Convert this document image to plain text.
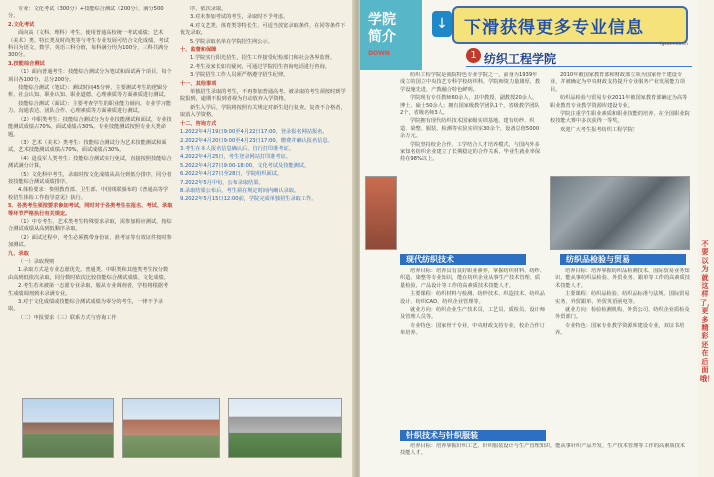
专业：文化考试（300分）+技能综合测试（200分），满分500分。

2.文化考试

面向高（文科、理科）考生，使用普通高校统一考试成绩；艺术（美术）类、特长类及时尚类等与考生专业发展可结合文化成绩，考试科目为语文、数学、英语三科分值，每科满分均为100分，三科共满分300分。

3.技能综合测试

（1）面向普通考生：技能综合测试分为笔试和面试两个项目，每个项目各100分，总分200分。

技能综合测试（笔试）：测试时间45分钟，主要测试考生的逻辑分析、社会认知、职业认知、职业道德、心理素质等方面素质进行测试。

技能综合测试（面试）：主要考查学生的职业能力倾向、专业学习能力、沟通表达、团队合作、心理素质等方面素质进行测试。

（2）中职类考生：技能综合测试分为专业技能测试和面试，专业技能测试成绩占70%，面试成绩占30%。专业技能测试按照专业大类命题。

（3）艺术（美术）类考生：技能综合测试分为艺术技能测试和面试。艺术技能测试成绩占70%，面试成绩占30%。

（4）退役军人类考生：技能综合测试实行免试，直接按照技能综合测试满分计算。

（5）文化科中考生，录取时按文化成绩从高分到低分排序，同分者按技能综合测试成绩排序。

4.体检要求：参照教育部、卫生部、中国残联颁布的《普通高等学校招生体检工作指导意见》执行。

5．各类考生须按要求参加考试，同时对于各类考生在报名、考试、录取等环节严格执行有关规定。

（1）中专考生、艺术类考生特殊要求录取，需参加相应测试，按综合测试成绩从高到低顺序录取。

（2）面试过程中，考生必须携带身份证、准考证等有效证件按时参加测试。

九、录取

（一）录取规则

1.录取方式是专业志愿优先。普通类、中职类和其他类考生按分数由高到低依次录取，同分数时依次比较技能综合测试成绩、文化成绩。

2.考生若未被第一志愿专业录取，服从专业调剂者，学校将根据考生成绩调剂到未录满专业。

3.对于文化成绩或技能综合测试成绩为零分的考生，一律不予录取。

（二）申报要求（三）联系方式与咨询工作

序，依次录取。

3.对未参加考试的考生，录取时不予考虑。

4.对文艺类、体育类等特长生，可适当放宽录取条件，在同等条件下优先录取。

5.学院录取名单在学院招生网公示。

十、监督和保障

1.学院实行阳光招生，招生工作接受纪检部门和社会各界监督。

2.考生及家长如有疑问，可通过学院招生咨询电话进行咨询。

3.学院招生工作人员须严格遵守招生纪律。

十一、其他事项

单独招生录取的考生，不再参加普通高考。被录取的考生须按时到学院报到，逾期不报到者视为自动放弃入学资格。

新生入学后，学院将按照有关规定对新生进行复查。复查不合格者，取消入学资格。

十二、咨询方式

1.2022年4月19日9:00至4月22日17:00，登录报名网站报名。

2.2022年4月20日9:00至4月23日17:00，缴费并确认报名信息。

3.考生在本人报名信息确认后，自行打印准考证。

4.2022年4月25日，考生登录网站打印准考证。

5.2022年4月27日9:00-18:00，文化考试及技能测试。

6.2022年4月27日至28日，学院组织面试。

7.2022年5月中旬，公布录取结果。

8.录取结果公布后，考生须在规定时间内确认录取。

9.2022年5月15日12:00前，学院完成单独招生录取工作。

学院
简介
DOWN
↓ 下滑获得更多专业信息
fgcat.edu.cn
1 纺织工程学院

纺织工程学院是我院特色专业学院之一，前身为1939年成立的国立中央技艺专科学校纺织科，学院师资力量雄厚，教学设施先进，产教融合特色鲜明。

学院现有专任教师60余人，其中教授、副教授20余人，博士、硕士50余人；拥有国家级教学团队1个，省级教学团队2个，省级名师3人。

学院拥有现代纺织技术国家级实训基地，建有纺纱、织造、染整、服装、检测等实验实训室30余个，设备总值5000余万元。

学院坚持校企合作、工学结合人才培养模式，与国内外多家知名纺织企业建立了长期稳定的合作关系，毕业生就业率保持在98%以上。

2010年被国家教育部和财政部立项为国家骨干建设专业，并被确定为中央财政支持提升专业服务产业发展能力项目。

纺织品检验与贸易专业2011年被国家教育部确定为高等职业教育专业教学资源库建设专业。

学院注重学生职业素质和职业技能的培养，在全国职业院校技能大赛中多次获得一等奖。

欢迎广大考生报考纺织工程学院！

现代纺织技术	纺织品检验与贸易

培养目标：培养具有良好职业素养，掌握纺织材料、纺纱、织造、染整等专业知识，能在纺织企业从事生产技术管理、质量检验、产品设计等工作的高素质技术技能人才。

主要课程：纺织材料与检测、纺纱技术、织造技术、纺织品设计、纺织CAD、纺织企业管理等。

就业方向：纺织企业生产技术员、工艺员、质检员、设计师及管理人员等。

专业特色：国家骨干专业，中央财政支持专业，校企合作订单培养。

培养目标：培养掌握纺织品检测技术、国际贸易业务知识，能从事纺织品检验、外贸业务、跟单等工作的高素质技术技能人才。

主要课程：纺织品检验、纺织品标准与法规、国际贸易实务、外贸跟单、外贸英语函电等。

就业方向：检验检测机构、外贸公司、纺织企业质检及外贸部门。

专业特色：国家专业教学资源库建设专业，双证书培养。

针织技术与针织服装

培养目标：培养掌握针织工艺、针织服装设计与生产管理知识，能从事针织产品开发、生产技术管理等工作的高素质技术技能人才。

不要以为就这样了，更多精彩还在后面哦！
